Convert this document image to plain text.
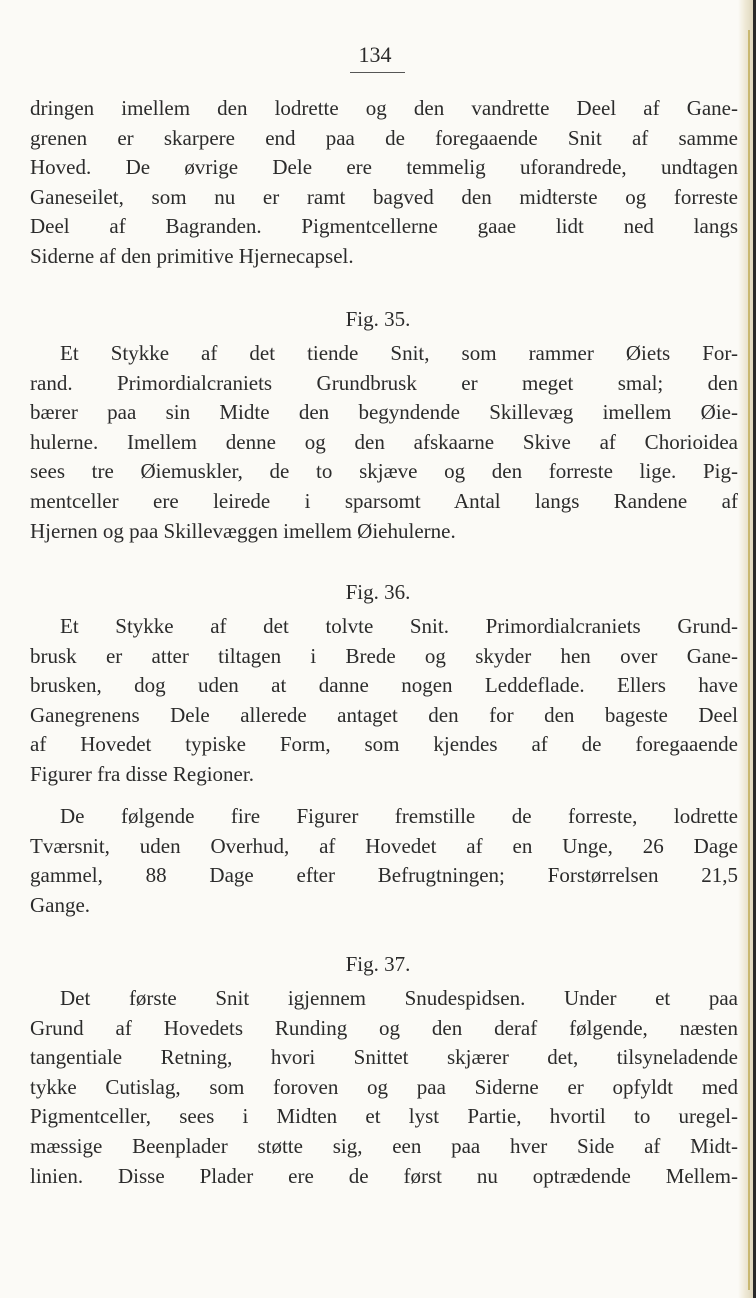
134
dringen imellem den lodrette og den vandrette Deel af Gane-
grenen er skarpere end paa de foregaaende Snit af samme
Hoved. De øvrige Dele ere temmelig uforandrede, undtagen
Ganeseilet, som nu er ramt bagved den midterste og forreste
Deel af Bagranden. Pigmentcellerne gaae lidt ned langs
Siderne af den primitive Hjernecapsel.
Fig. 35.
Et Stykke af det tiende Snit, som rammer Øiets For-
rand. Primordialcraniets Grundbrusk er meget smal; den
bærer paa sin Midte den begyndende Skillevæg imellem Øie-
hulerne. Imellem denne og den afskaarne Skive af Chorioidea
sees tre Øiemuskler, de to skjæve og den forreste lige. Pig-
mentceller ere leirede i sparsomt Antal langs Randene af
Hjernen og paa Skillevæggen imellem Øiehulerne.
Fig. 36.
Et Stykke af det tolvte Snit. Primordialcraniets Grund-
brusk er atter tiltagen i Brede og skyder hen over Gane-
brusken, dog uden at danne nogen Leddeflade. Ellers have
Ganegrenens Dele allerede antaget den for den bageste Deel
af Hovedet typiske Form, som kjendes af de foregaaende
Figurer fra disse Regioner.
De følgende fire Figurer fremstille de forreste, lodrette
Tværsnit, uden Overhud, af Hovedet af en Unge, 26 Dage
gammel, 88 Dage efter Befrugtningen; Forstørrelsen 21,5
Gange.
Fig. 37.
Det første Snit igjennem Snudespidsen. Under et paa
Grund af Hovedets Runding og den deraf følgende, næsten
tangentiale Retning, hvori Snittet skjærer det, tilsyneladende
tykke Cutislag, som foroven og paa Siderne er opfyldt med
Pigmentceller, sees i Midten et lyst Partie, hvortil to uregel-
mæssige Beenplader støtte sig, een paa hver Side af Midt-
linien. Disse Plader ere de først nu optrædende Mellem-
